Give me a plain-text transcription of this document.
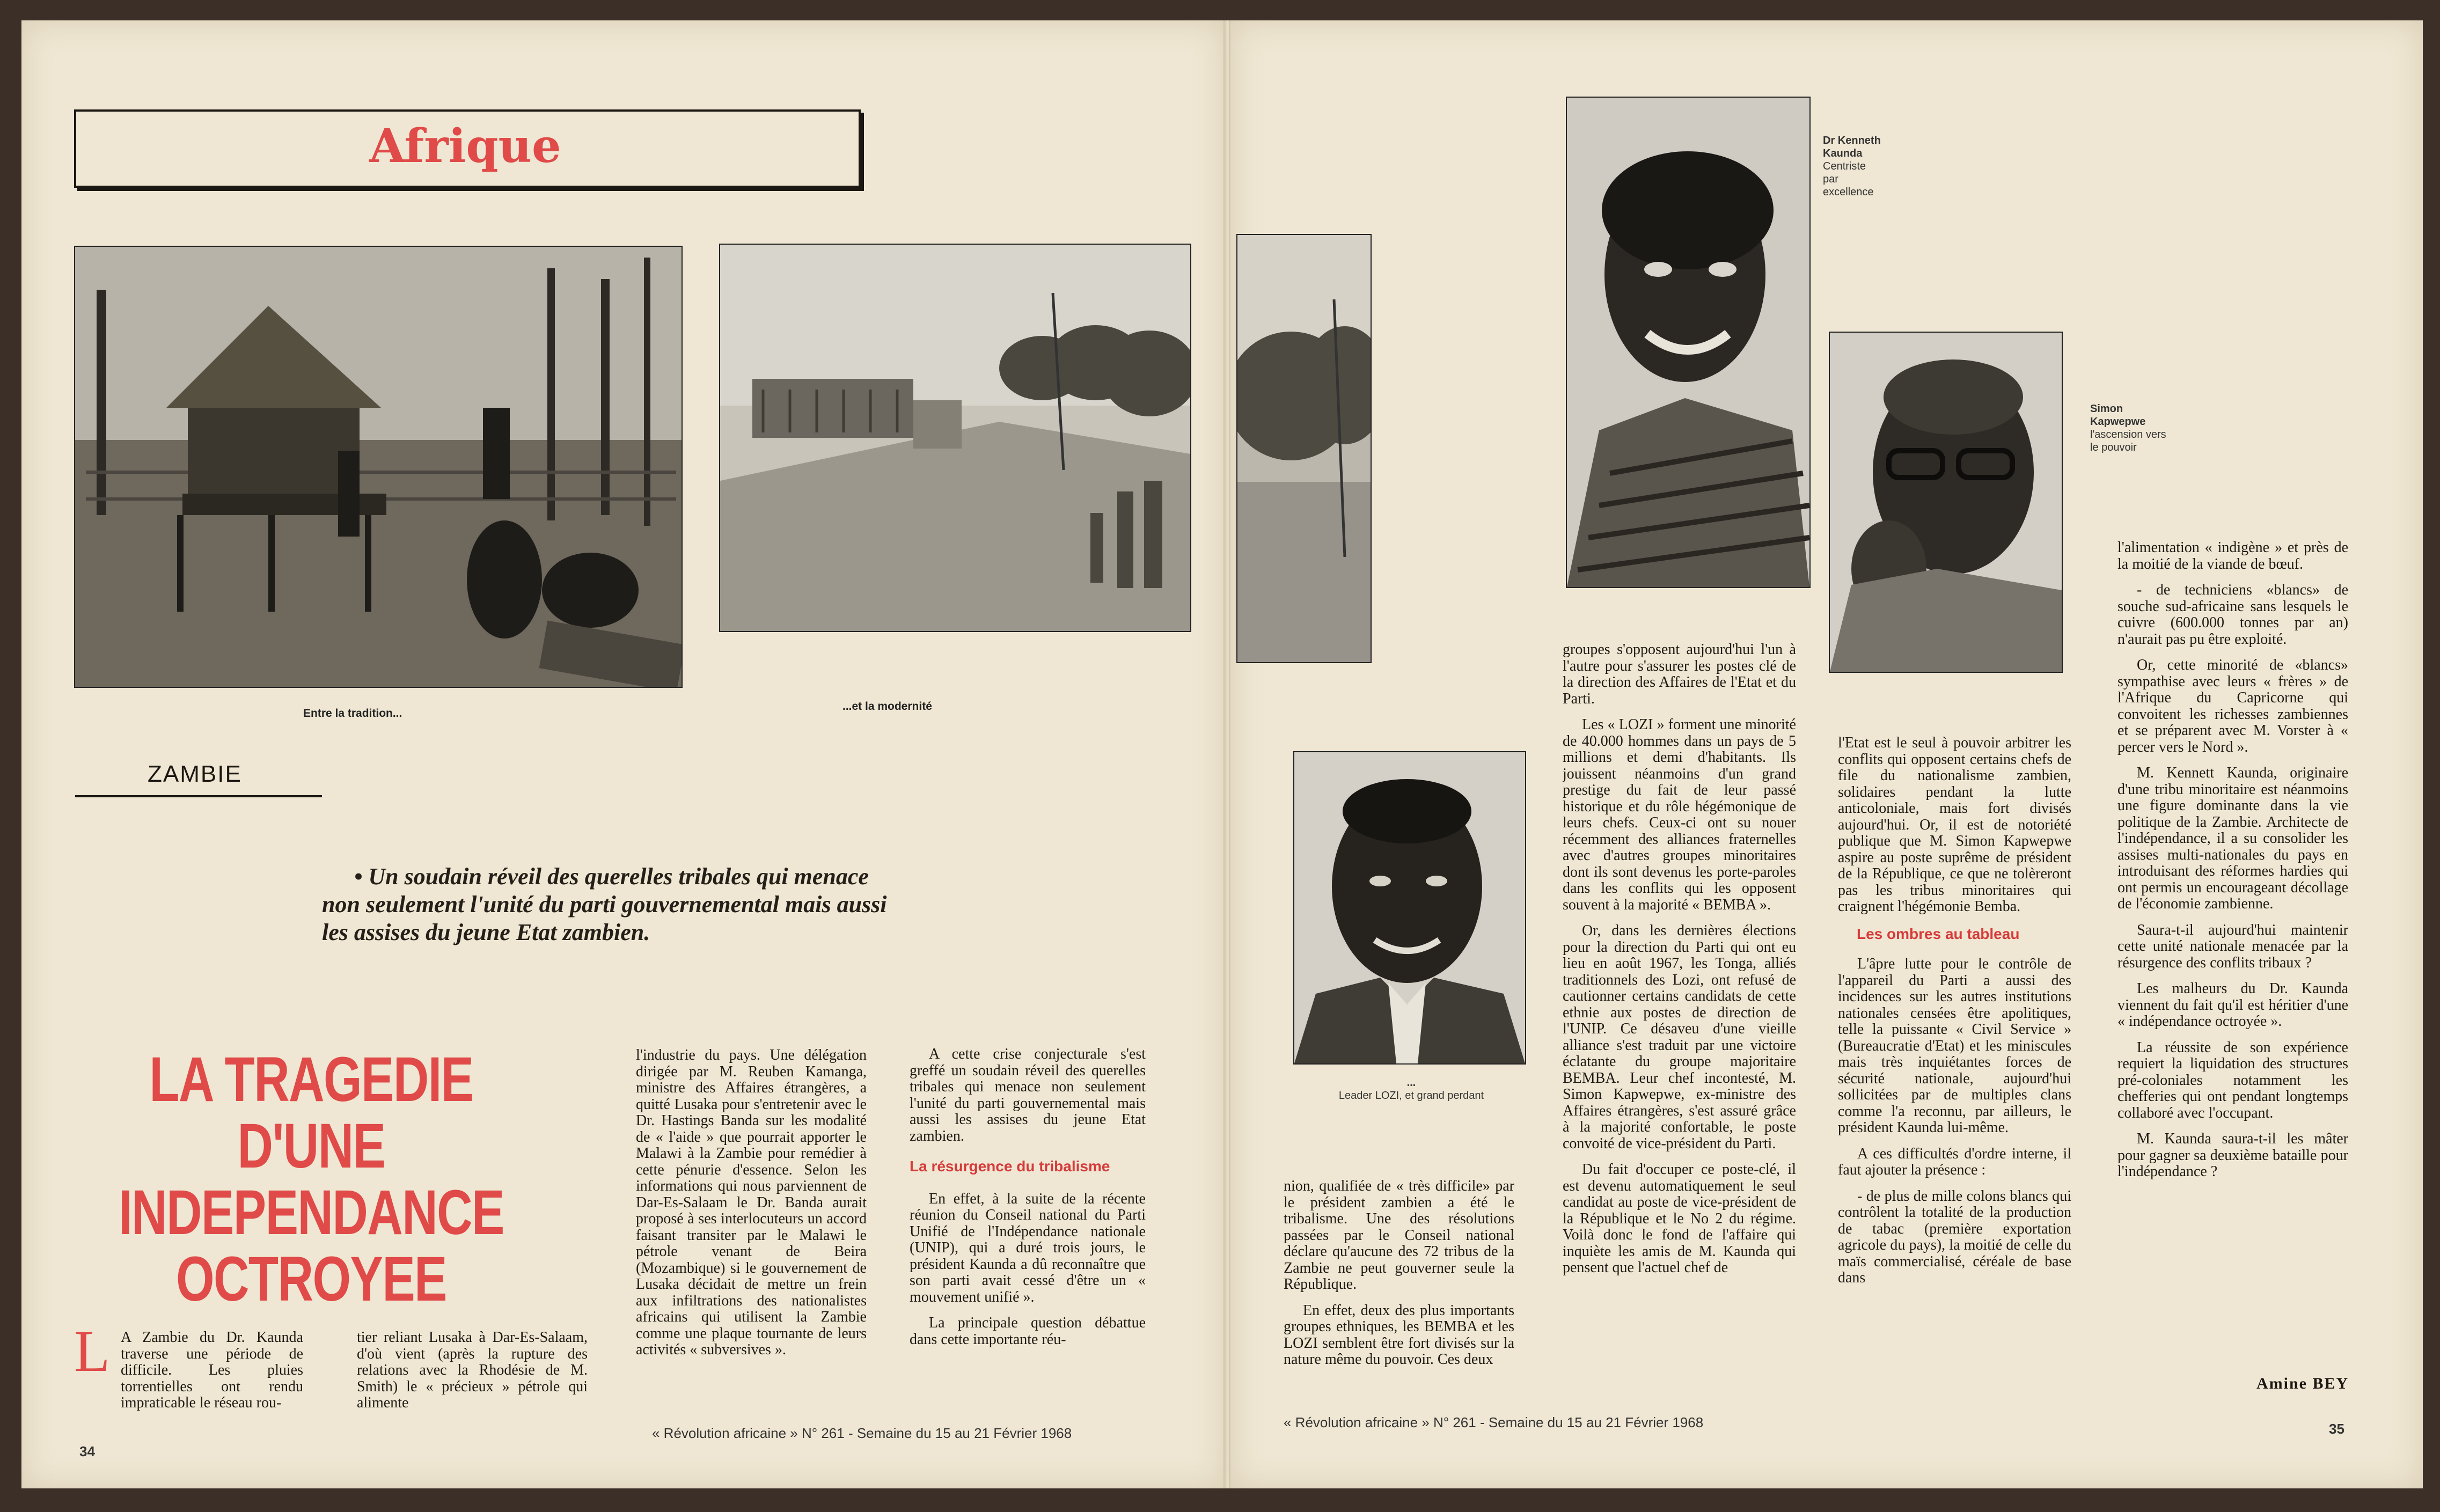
Afrique
Entre la tradition...
...et la modernité
ZAMBIE
• Un soudain réveil des querelles tribales qui menace non seulement l'unité du parti gouvernemental mais aussi les assises du jeune Etat zambien.
LA TRAGEDIE D'UNE
INDEPENDANCE
OCTROYEE
L A Zambie du Dr. Kaunda traverse une période de difficile. Les pluies torrentielles ont rendu impraticable le réseau rou-

tier reliant Lusaka à Dar-Es-Salaam, d'où vient (après la rupture des relations avec la Rhodésie de M. Smith) le « précieux » pétrole qui alimente

l'industrie du pays. Une délégation dirigée par M. Reuben Kamanga, ministre des Affaires étrangères, a quitté Lusaka pour s'entretenir avec le Dr. Hastings Banda sur les modalité de « l'aide » que pourrait apporter le Malawi à la Zambie pour remédier à cette pénurie d'essence. Selon les informations qui nous parviennent de Dar-Es-Salaam le Dr. Banda aurait proposé à ses interlocuteurs un accord faisant transiter par le Malawi le pétrole venant de Beira (Mozambique) si le gouvernement de Lusaka décidait de mettre un frein aux infiltrations des nationalistes africains qui utilisent la Zambie comme une plaque tournante de leurs activités « subversives ».

A cette crise conjecturale s'est greffé un soudain réveil des querelles tribales qui menace non seulement l'unité du parti gouvernemental mais aussi les assises du jeune Etat zambien.

La résurgence du tribalisme

En effet, à la suite de la récente réunion du Conseil national du Parti Unifié de l'Indépendance nationale (UNIP), qui a duré trois jours, le président Kaunda a dû reconnaître que son parti avait cessé d'être un « mouvement unifié ».

La principale question débattue dans cette importante réu-

34
« Révolution africaine » N° 261 - Semaine du 15 au 21 Février 1968
Dr Kenneth
Kaunda
Centriste
par
excellence
Simon
Kapwepwe
l'ascension vers
le pouvoir
...
Leader LOZI, et grand perdant

nion, qualifiée de « très difficile» par le président zambien a été le tribalisme. Une des résolutions passées par le Conseil national déclare qu'aucune des 72 tribus de la Zambie ne peut gouverner seule la République.

En effet, deux des plus importants groupes ethniques, les BEMBA et les LOZI semblent être fort divisés sur la nature même du pouvoir. Ces deux

groupes s'opposent aujourd'hui l'un à l'autre pour s'assurer les postes clé de la direction des Affaires de l'Etat et du Parti.

Les « LOZI » forment une minorité de 40.000 hommes dans un pays de 5 millions et demi d'habitants. Ils jouissent néanmoins d'un grand prestige du fait de leur passé historique et du rôle hégémonique de leurs chefs. Ceux-ci ont su nouer récemment des alliances fraternelles avec d'autres groupes minoritaires dont ils sont devenus les porte-paroles dans les conflits qui les opposent souvent à la majorité « BEMBA ».

Or, dans les dernières élections pour la direction du Parti qui ont eu lieu en août 1967, les Tonga, alliés traditionnels des Lozi, ont refusé de cautionner certains candidats de cette ethnie aux postes de direction de l'UNIP. Ce désaveu d'une vieille alliance s'est traduit par une victoire éclatante du groupe majoritaire BEMBA. Leur chef incontesté, M. Simon Kapwepwe, ex-ministre des Affaires étrangères, s'est assuré grâce à la majorité confortable, le poste convoité de vice-président du Parti.

Du fait d'occuper ce poste-clé, il est devenu automatiquement le seul candidat au poste de vice-président de la République et le No 2 du régime. Voilà donc le fond de l'affaire qui inquiète les amis de M. Kaunda qui pensent que l'actuel chef de

l'Etat est le seul à pouvoir arbitrer les conflits qui opposent certains chefs de file du nationalisme zambien, solidaires pendant la lutte anticoloniale, mais fort divisés aujourd'hui. Or, il est de notoriété publique que M. Simon Kapwepwe aspire au poste suprême de président de la République, ce que ne tolèreront pas les tribus minoritaires qui craignent l'hégémonie Bemba.

Les ombres au tableau

L'âpre lutte pour le contrôle de l'appareil du Parti a aussi des incidences sur les autres institutions nationales censées être apolitiques, telle la puissante « Civil Service » (Bureaucratie d'Etat) et les miniscules mais très inquiétantes forces de sécurité nationale, aujourd'hui sollicitées par de multiples clans comme l'a reconnu, par ailleurs, le président Kaunda lui-même.

A ces difficultés d'ordre interne, il faut ajouter la présence :

- de plus de mille colons blancs qui contrôlent la totalité de la production de tabac (première exportation agricole du pays), la moitié de celle du maïs commercialisé, céréale de base dans

l'alimentation « indigène » et près de la moitié de la viande de bœuf.

- de techniciens «blancs» de souche sud-africaine sans lesquels le cuivre (600.000 tonnes par an) n'aurait pas pu être exploité.

Or, cette minorité de «blancs» sympathise avec leurs « frères » de l'Afrique du Capricorne qui convoitent les richesses zambiennes et se préparent avec M. Vorster à « percer vers le Nord ».

M. Kennett Kaunda, originaire d'une tribu minoritaire est néanmoins une figure dominante dans la vie politique de la Zambie. Architecte de l'indépendance, il a su consolider les assises multi-nationales du pays en introduisant des réformes hardies qui ont permis un encourageant décollage de l'économie zambienne.

Saura-t-il aujourd'hui maintenir cette unité nationale menacée par la résurgence des conflits tribaux ?

Les malheurs du Dr. Kaunda viennent du fait qu'il est héritier d'une « indépendance octroyée ».

La réussite de son expérience requiert la liquidation des structures pré-coloniales notamment les chefferies qui ont pendant longtemps collaboré avec l'occupant.

M. Kaunda saura-t-il les mâter pour gagner sa deuxième bataille pour l'indépendance ?

Amine BEY
« Révolution africaine » N° 261 - Semaine du 15 au 21 Février 1968	35
